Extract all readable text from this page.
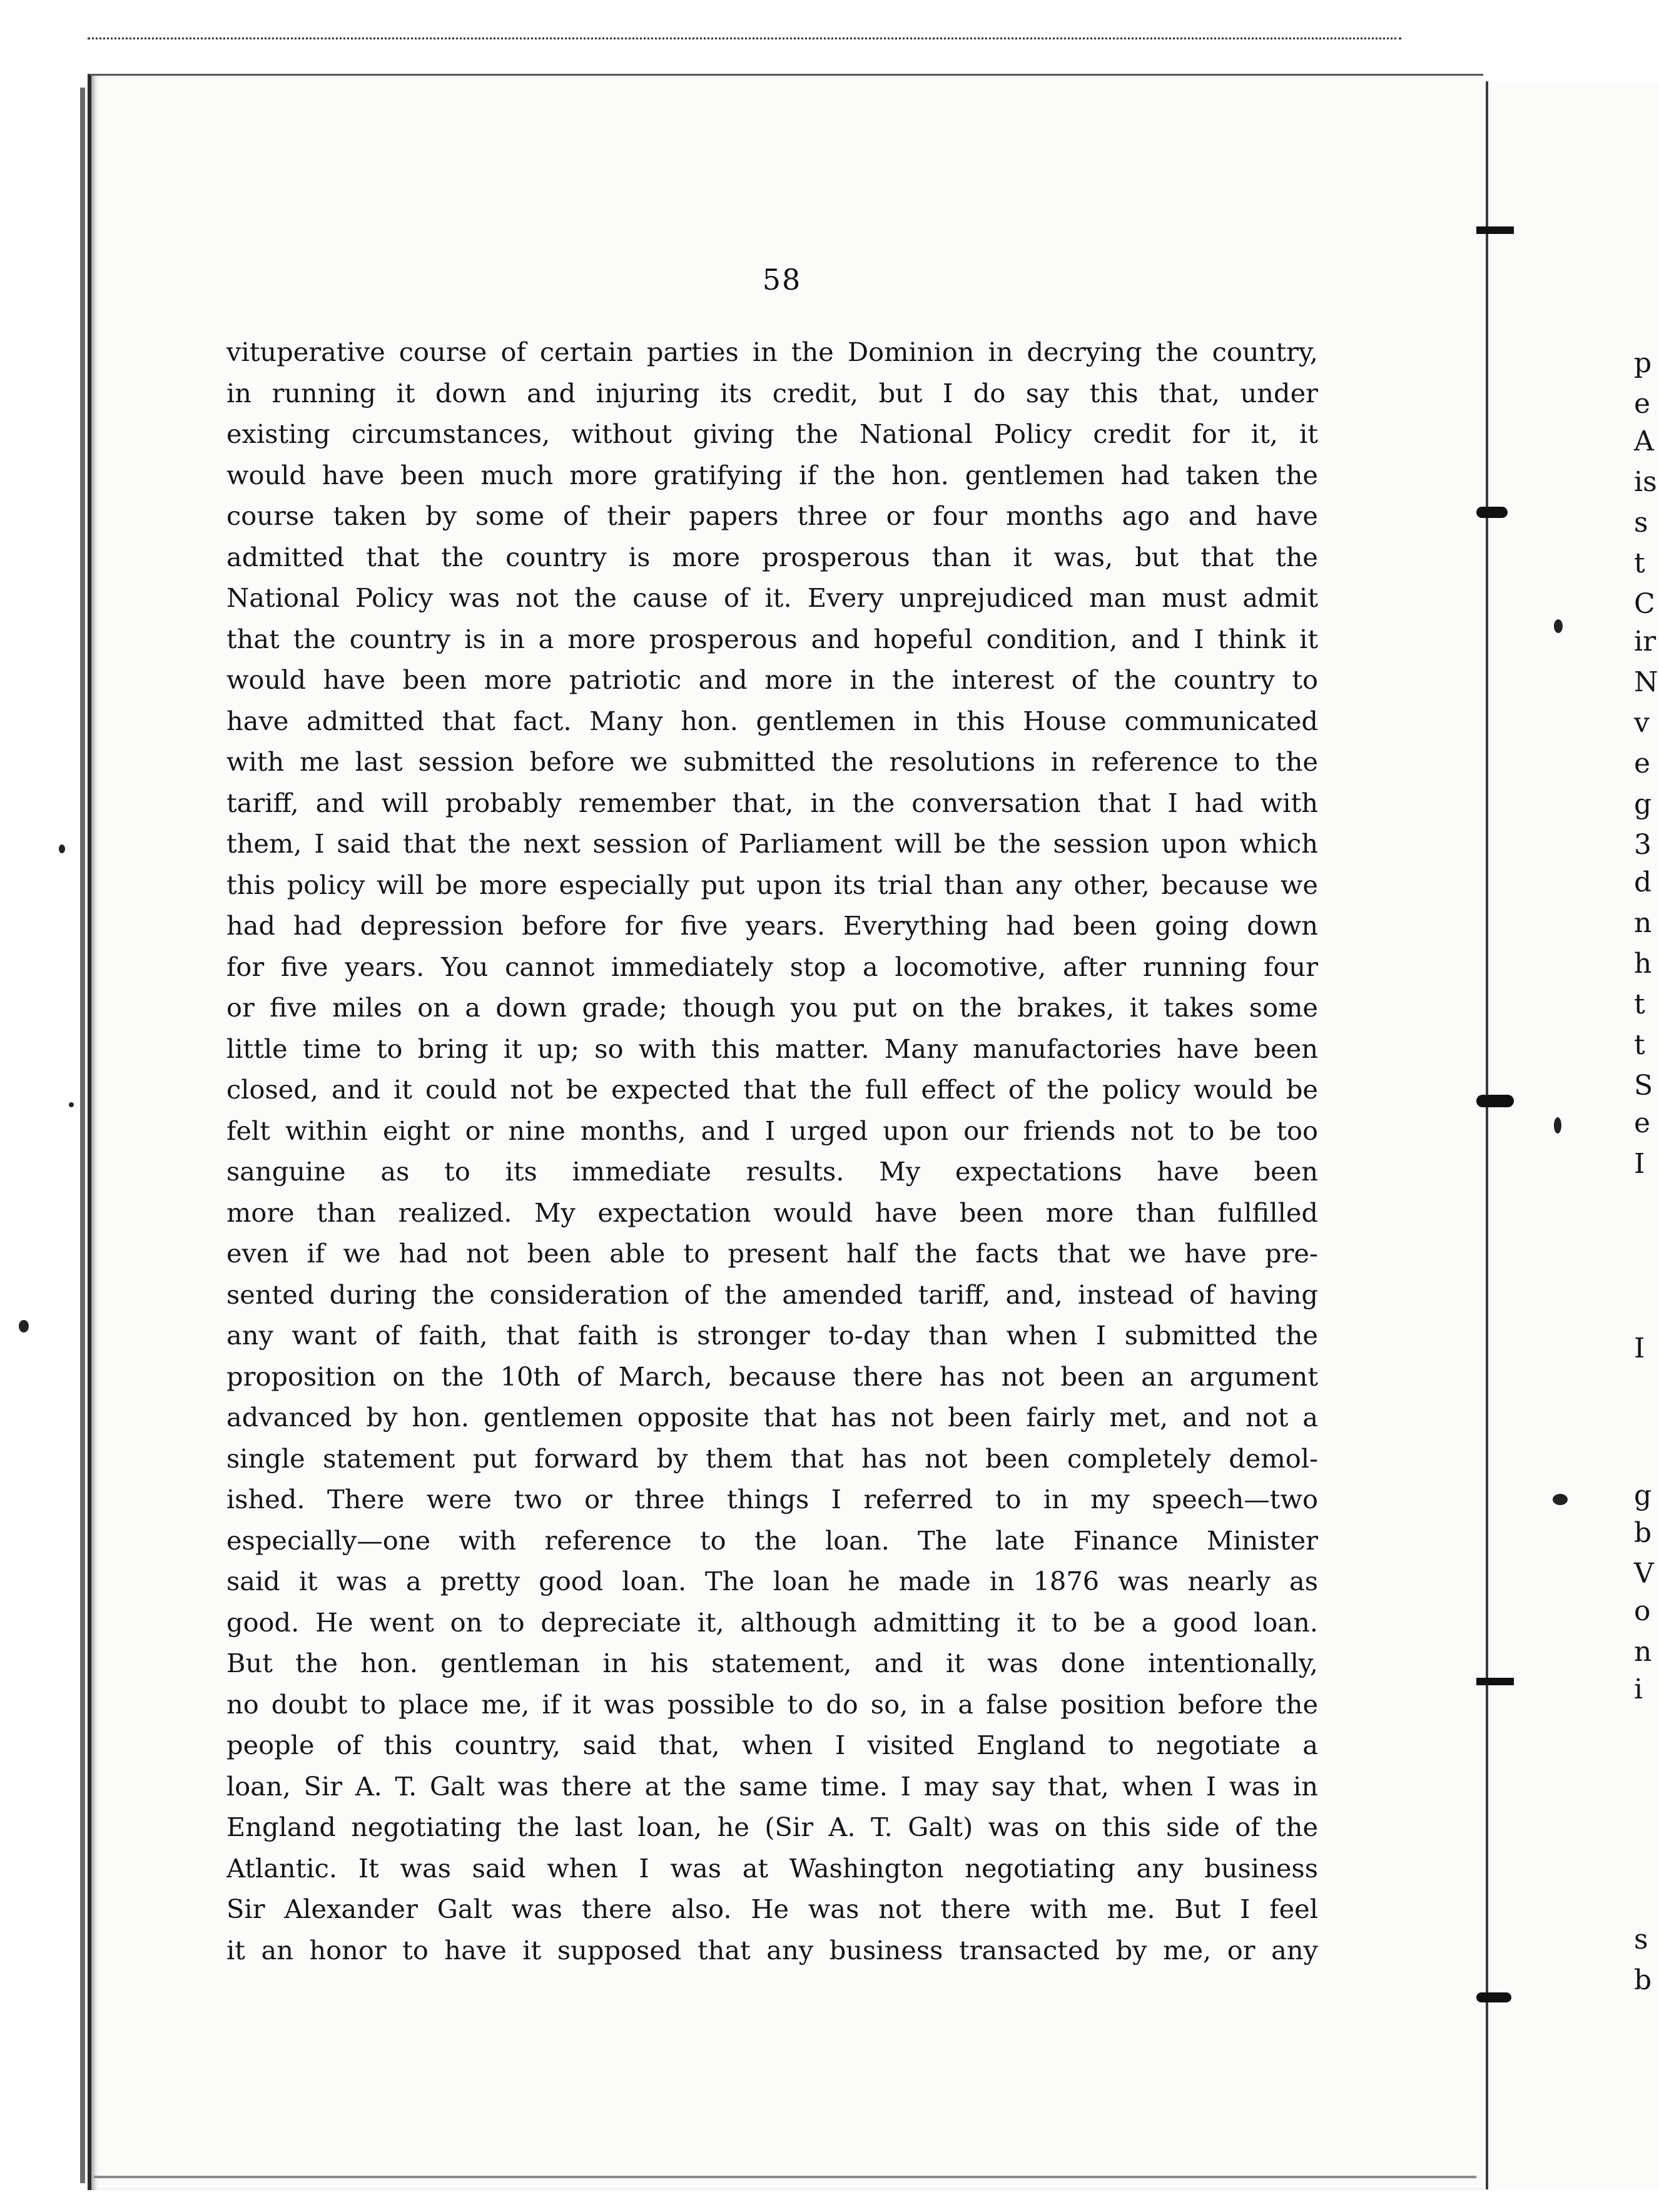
58
vituperative course of certain parties in the Dominion in decrying the country,
in running it down and injuring its credit, but I do say this that, under
existing circumstances, without giving the National Policy credit for it, it
would have been much more gratifying if the hon. gentlemen had taken the
course taken by some of their papers three or four months ago and have
admitted that the country is more prosperous than it was, but that the
National Policy was not the cause of it. Every unprejudiced man must admit
that the country is in a more prosperous and hopeful condition, and I think it
would have been more patriotic and more in the interest of the country to
have admitted that fact. Many hon. gentlemen in this House communicated
with me last session before we submitted the resolutions in reference to the
tariff, and will probably remember that, in the conversation that I had with
them, I said that the next session of Parliament will be the session upon which
this policy will be more especially put upon its trial than any other, because we
had had depression before for five years. Everything had been going down
for five years. You cannot immediately stop a locomotive, after running four
or five miles on a down grade; though you put on the brakes, it takes some
little time to bring it up; so with this matter. Many manufactories have been
closed, and it could not be expected that the full effect of the policy would be
felt within eight or nine months, and I urged upon our friends not to be too
sanguine as to its immediate results. My expectations have been
more than realized. My expectation would have been more than fulfilled
even if we had not been able to present half the facts that we have pre-
sented during the consideration of the amended tariff, and, instead of having
any want of faith, that faith is stronger to-day than when I submitted the
proposition on the 10th of March, because there has not been an argument
advanced by hon. gentlemen opposite that has not been fairly met, and not a
single statement put forward by them that has not been completely demol-
ished. There were two or three things I referred to in my speech—two
especially—one with reference to the loan. The late Finance Minister
said it was a pretty good loan. The loan he made in 1876 was nearly as
good. He went on to depreciate it, although admitting it to be a good loan.
But the hon. gentleman in his statement, and it was done intentionally,
no doubt to place me, if it was possible to do so, in a false position before the
people of this country, said that, when I visited England to negotiate a
loan, Sir A. T. Galt was there at the same time. I may say that, when I was in
England negotiating the last loan, he (Sir A. T. Galt) was on this side of the
Atlantic. It was said when I was at Washington negotiating any business
Sir Alexander Galt was there also. He was not there with me. But I feel
it an honor to have it supposed that any business transacted by me, or any
p
e
A
is
s
t
C
ir
N
v
e
g
3
d
n
h
t
t
S
e
I
I
g
b
V
o
n
i
s
b
